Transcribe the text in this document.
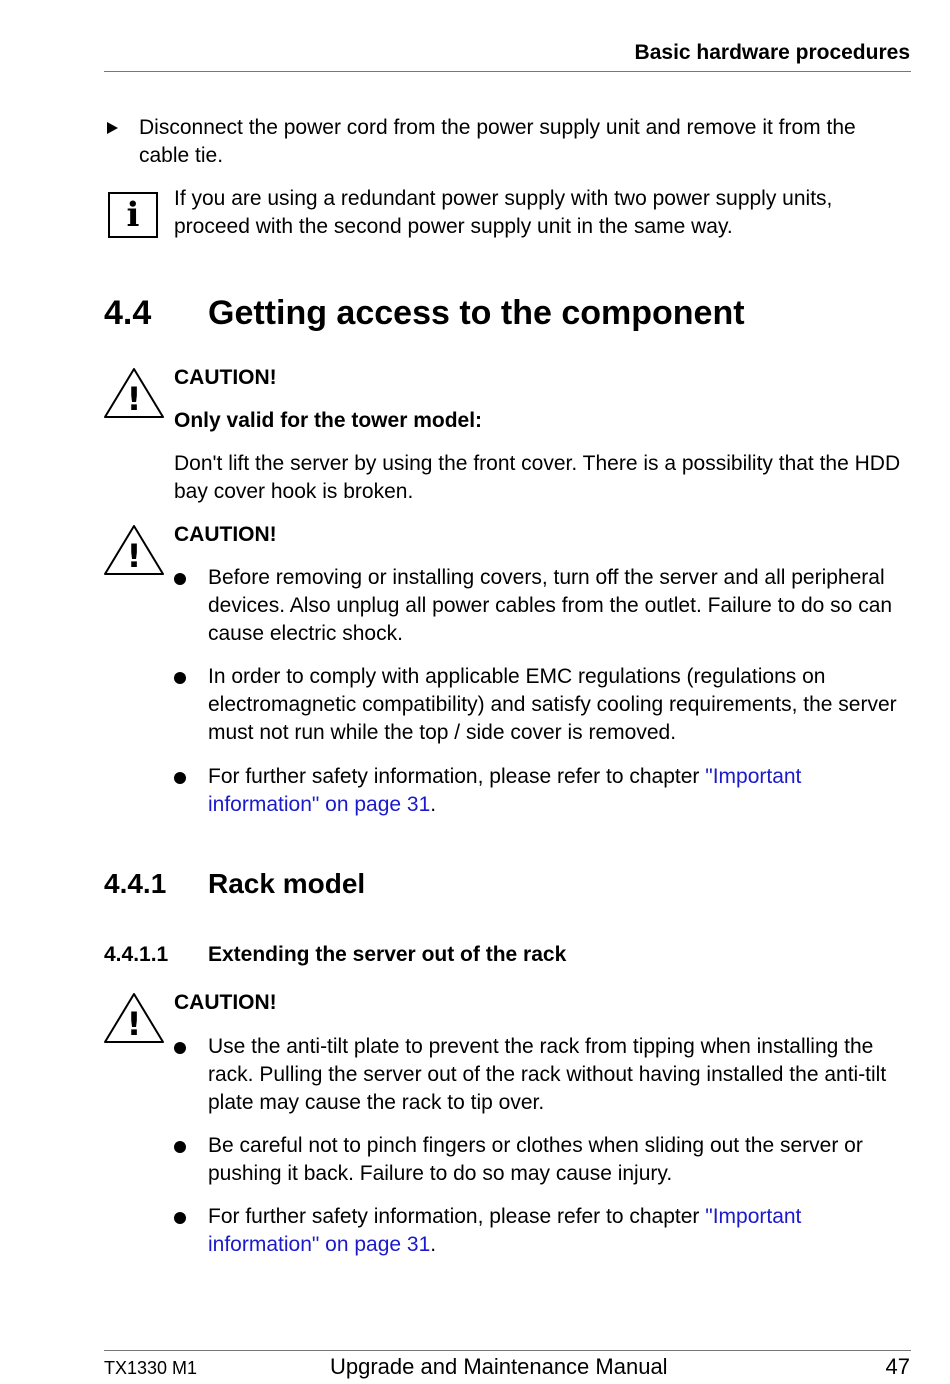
Basic hardware procedures
Disconnect the power cord from the power supply unit and remove it from the cable tie.
i	If you are using a redundant power supply with two power supply units, proceed with the second power supply unit in the same way.
4.4 Getting access to the component
!
CAUTION!
Only valid for the tower model:
Don't lift the server by using the front cover. There is a possibility that the HDD bay cover hook is broken.
!
CAUTION!
Before removing or installing covers, turn off the server and all peripheral devices. Also unplug all power cables from the outlet. Failure to do so can cause electric shock.
In order to comply with applicable EMC regulations (regulations on electromagnetic compatibility) and satisfy cooling requirements, the server must not run while the top / side cover is removed.
For further safety information, please refer to chapter "Important information" on page 31.
4.4.1 Rack model
4.4.1.1 Extending the server out of the rack
!
CAUTION!
Use the anti-tilt plate to prevent the rack from tipping when installing the rack. Pulling the server out of the rack without having installed the anti-tilt plate may cause the rack to tip over.
Be careful not to pinch fingers or clothes when sliding out the server or pushing it back. Failure to do so may cause injury.
For further safety information, please refer to chapter "Important information" on page 31.
TX1330 M1	Upgrade and Maintenance Manual	47
